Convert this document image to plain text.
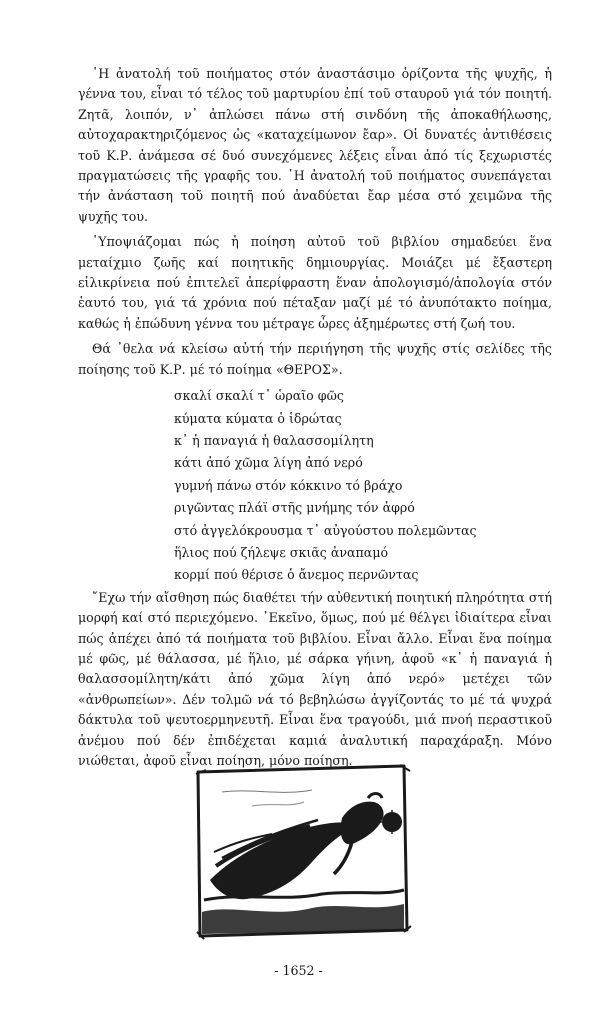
῾Η ἀνατολή τοῦ ποιήματος στόν ἀναστάσιμο ὁρίζοντα τῆς ψυχῆς, ἡ γέννα του, εἶναι τό τέλος τοῦ μαρτυρίου ἐπί τοῦ σταυροῦ γιά τόν ποιητή. Ζητᾶ, λοιπόν, ν᾿ ἀπλώσει πάνω στή σινδόνη τῆς ἀποκαθήλωσης, αὐτοχαρακτηριζόμενος ὡς «καταχείμωνον ἔαρ». Οἱ δυνατές ἀντιθέσεις τοῦ Κ.Ρ. ἀνάμεσα σέ δυό συνεχόμενες λέξεις εἶναι ἀπό τίς ξεχωριστές πραγματώσεις τῆς γραφῆς του. ῾Η ἀνατολή τοῦ ποιήματος συνεπάγεται τήν ἀνάσταση τοῦ ποιητῆ πού ἀναδύεται ἔαρ μέσα στό χειμῶνα τῆς ψυχῆς του.

῾Υποψιάζομαι πώς ἡ ποίηση αὐτοῦ τοῦ βιβλίου σημαδεύει ἕνα μεταίχμιο ζωῆς καί ποιητικῆς δημιουργίας. Μοιάζει μέ ἔξαστερη εἰλικρίνεια πού ἐπιτελεῖ ἀπερίφραστη ἕναν ἀπολογισμό/ἀπολογία στόν ἑαυτό του, γιά τά χρόνια πού πέταξαν μαζί μέ τό ἀνυπότακτο ποίημα, καθώς ἡ ἐπώδυνη γέννα του μέτραγε ὧρες ἀξημέρωτες στή ζωή του.

Θά ᾿θελα νά κλείσω αὐτή τήν περιήγηση τῆς ψυχῆς στίς σελίδες τῆς ποίησης τοῦ Κ.Ρ. μέ τό ποίημα «ΘΕΡΟΣ».

σκαλί σκαλί τ᾿ ὡραῖο φῶς
κύματα κύματα ὁ ἱδρώτας
κ᾿ ἡ παναγιά ἡ θαλασσομίλητη
κάτι ἀπό χῶμα λίγη ἀπό νερό
γυμνή πάνω στόν κόκκινο τό βράχο
ριγῶντας πλάϊ στῆς μνήμης τόν ἀφρό
στό ἀγγελόκρουσμα τ᾿ αὐγούστου πολεμῶντας
ἥλιος πού ζήλεψε σκιᾶς ἀναπαμό
κορμί πού θέρισε ὁ ἄνεμος περνῶντας

῎Εχω τήν αἴσθηση πώς διαθέτει τήν αὐθεντική ποιητική πληρότητα στή μορφή καί στό περιεχόμενο. ᾿Εκεῖνο, ὅμως, πού μέ θέλγει ἰδιαίτερα εἶναι πώς ἀπέχει ἀπό τά ποιήματα τοῦ βιβλίου. Εἶναι ἄλλο. Εἶναι ἕνα ποίημα μέ φῶς, μέ θάλασσα, μέ ἥλιο, μέ σάρκα γήινη, ἀφοῦ «κ᾿ ἡ παναγιά ἡ θαλασσομίλητη/κάτι ἀπό χῶμα λίγη ἀπό νερό» μετέχει τῶν «ἀνθρωπείων». Δέν τολμῶ νά τό βεβηλώσω ἀγγίζοντάς το μέ τά ψυχρά δάκτυλα τοῦ ψευτοερμηνευτῆ. Εἶναι ἕνα τραγούδι, μιά πνοή περαστικοῦ ἀνέμου πού δέν ἐπιδέχεται καμιά ἀναλυτική παραχάραξη. Μόνο νιώθεται, ἀφοῦ εἶναι ποίηση, μόνο ποίηση.

- 1652 -
